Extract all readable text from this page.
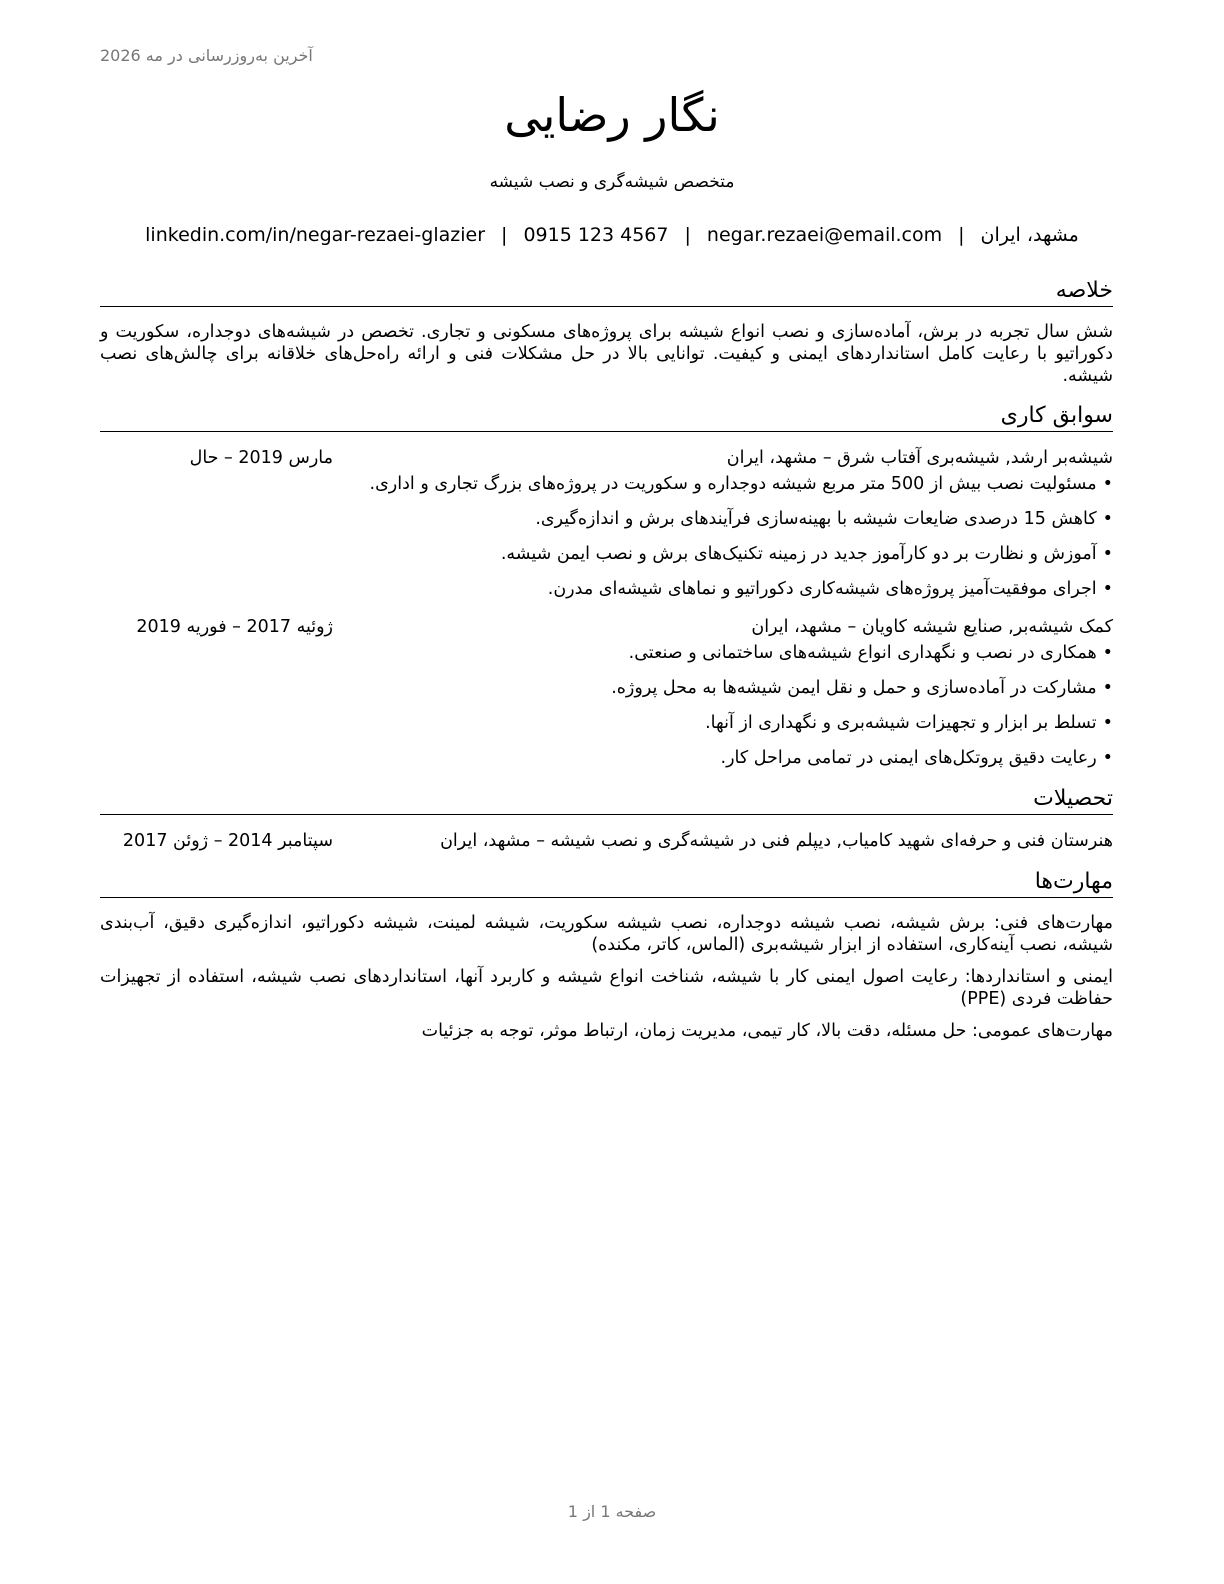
آخرین به‌روزرسانی در مه 2026
نگار رضایی
متخصص شیشه‌گری و نصب شیشه
مشهد، ایران|negar.rezaei@email.com|0915 123 4567|linkedin.com/in/negar-rezaei-glazier
خلاصه

شش سال تجربه در برش، آماده‌سازی و نصب انواع شیشه برای پروژه‌های مسکونی و تجاری. تخصص در شیشه‌های دوجداره، سکوریت و دکوراتیو با رعایت کامل استانداردهای ایمنی و کیفیت. توانایی بالا در حل مشکلات فنی و ارائه راه‌حل‌های خلاقانه برای چالش‌های نصب شیشه.

سوابق کاری
شیشه‌بر ارشد, شیشه‌بری آفتاب شرق – مشهد، ایران
مارس 2019 – حال
•مسئولیت نصب بیش از 500 متر مربع شیشه دوجداره و سکوریت در پروژه‌های بزرگ تجاری و اداری.
•کاهش 15 درصدی ضایعات شیشه با بهینه‌سازی فرآیندهای برش و اندازه‌گیری.
•آموزش و نظارت بر دو کارآموز جدید در زمینه تکنیک‌های برش و نصب ایمن شیشه.
•اجرای موفقیت‌آمیز پروژه‌های شیشه‌کاری دکوراتیو و نماهای شیشه‌ای مدرن.
کمک شیشه‌بر, صنایع شیشه کاویان – مشهد، ایران
ژوئیه 2017 – فوریه 2019
•همکاری در نصب و نگهداری انواع شیشه‌های ساختمانی و صنعتی.
•مشارکت در آماده‌سازی و حمل و نقل ایمن شیشه‌ها به محل پروژه.
•تسلط بر ابزار و تجهیزات شیشه‌بری و نگهداری از آنها.
•رعایت دقیق پروتکل‌های ایمنی در تمامی مراحل کار.
تحصیلات
هنرستان فنی و حرفه‌ای شهید کامیاب, دیپلم فنی در شیشه‌گری و نصب شیشه – مشهد، ایران
سپتامبر 2014 – ژوئن 2017
مهارت‌ها
مهارت‌های فنی: برش شیشه، نصب شیشه دوجداره، نصب شیشه سکوریت، شیشه لمینت، شیشه دکوراتیو، اندازه‌گیری دقیق، آب‌بندی شیشه، نصب آینه‌کاری، استفاده از ابزار شیشه‌بری (الماس، کاتر، مکنده)
ایمنی و استانداردها: رعایت اصول ایمنی کار با شیشه، شناخت انواع شیشه و کاربرد آنها، استانداردهای نصب شیشه، استفاده از تجهیزات حفاظت فردی (PPE)
مهارت‌های عمومی: حل مسئله، دقت بالا، کار تیمی، مدیریت زمان، ارتباط موثر، توجه به جزئیات
صفحه 1 از 1
